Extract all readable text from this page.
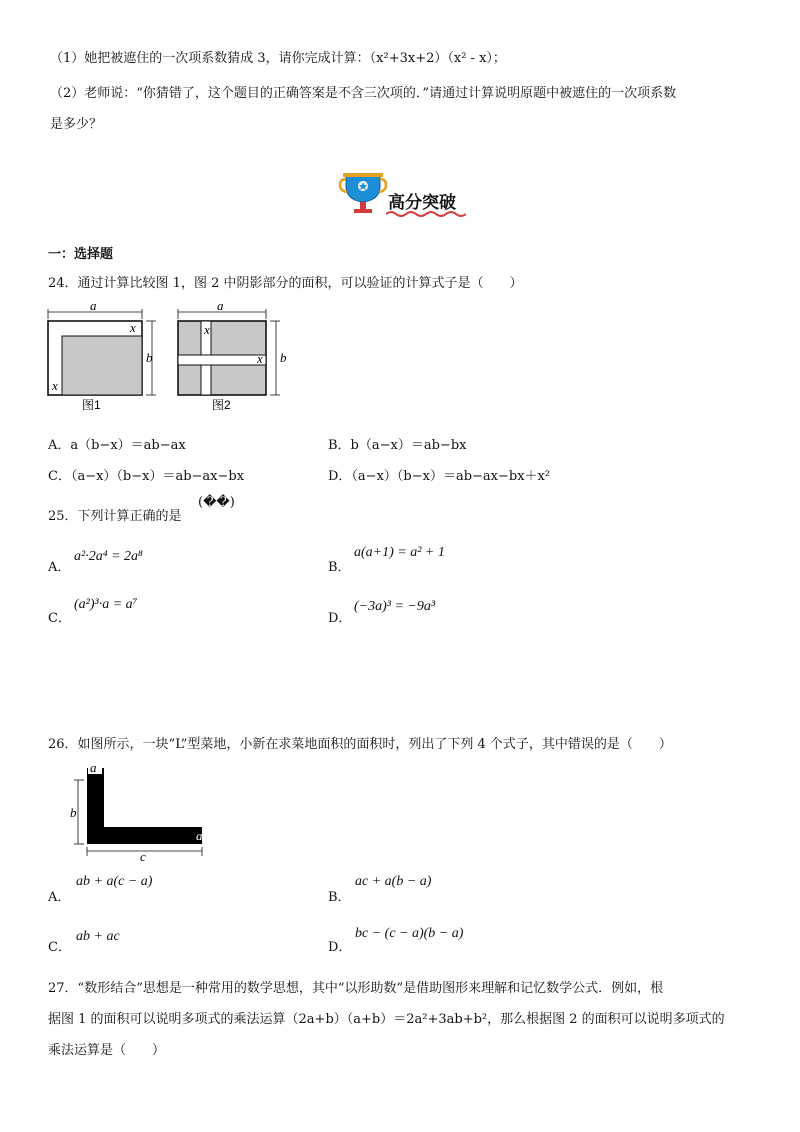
（1）她把被遮住的一次项系数猜成 3，请你完成计算：（x²+3x+2）（x² - x）；
（2）老师说：“你猜错了，这个题目的正确答案是不含三次项的．”请通过计算说明原题中被遮住的一次项系数
是多少？
高分突破
一：选择题
24．通过计算比较图 1，图 2 中阴影部分的面积，可以验证的计算式子是（　　）
a
x
x
b
图1
a
x
x b
图2
A．a（b−x）＝ab−ax	B．b（a−x）＝ab−bx
C．（a−x）（b−x）＝ab−ax−bx	D．（a−x）（b−x）＝ab−ax−bx＋x²
25．下列计算正确的是
(��)
A．
a²·2a⁴ = 2a⁸
B．
a(a+1) = a² + 1
C．
(a²)³·a = a⁷
D．
(−3a)³ = −9a³
26．如图所示，一块“L”型菜地，小新在求菜地面积的面积时，列出了下列 4 个式子，其中错误的是（　　）
a
b
a
c
A．
ab + a(c − a)
B．
ac + a(b − a)
C．
ab + ac
D．
bc − (c − a)(b − a)
27．“数形结合”思想是一种常用的数学思想，其中“以形助数”是借助图形来理解和记忆数学公式．例如，根
据图 1 的面积可以说明多项式的乘法运算（2a+b）（a+b）＝2a²+3ab+b²，那么根据图 2 的面积可以说明多项式的
乘法运算是（　　）
